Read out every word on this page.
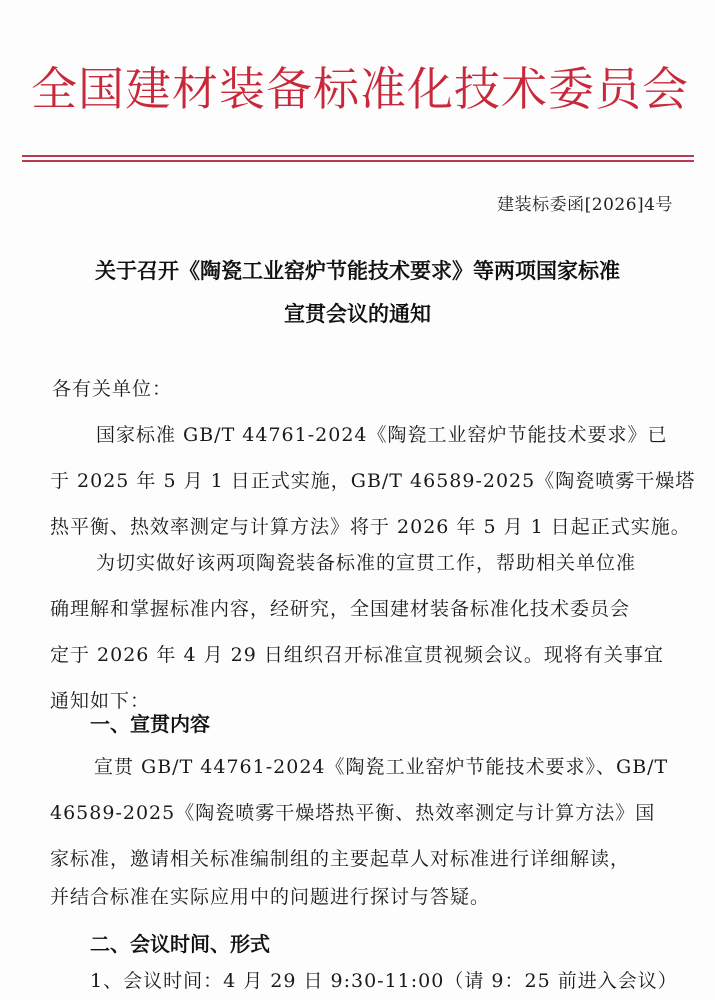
全国建材装备标准化技术委员会
建装标委函[2026]4号
关于召开《陶瓷工业窑炉节能技术要求》等两项国家标准
宣贯会议的通知
各有关单位：
国家标准 GB/T 44761-2024《陶瓷工业窑炉节能技术要求》已
于 2025 年 5 月 1 日正式实施，GB/T 46589-2025《陶瓷喷雾干燥塔
热平衡、热效率测定与计算方法》将于 2026 年 5 月 1 日起正式实施。
为切实做好该两项陶瓷装备标准的宣贯工作，帮助相关单位准
确理解和掌握标准内容，经研究，全国建材装备标准化技术委员会
定于 2026 年 4 月 29 日组织召开标准宣贯视频会议。现将有关事宜
通知如下：
一、宣贯内容
宣贯 GB/T 44761-2024《陶瓷工业窑炉节能技术要求》、GB/T
46589-2025《陶瓷喷雾干燥塔热平衡、热效率测定与计算方法》国
家标准，邀请相关标准编制组的主要起草人对标准进行详细解读，
并结合标准在实际应用中的问题进行探讨与答疑。
二、会议时间、形式
1、会议时间：4 月 29 日 9:30-11:00（请 9：25 前进入会议）
